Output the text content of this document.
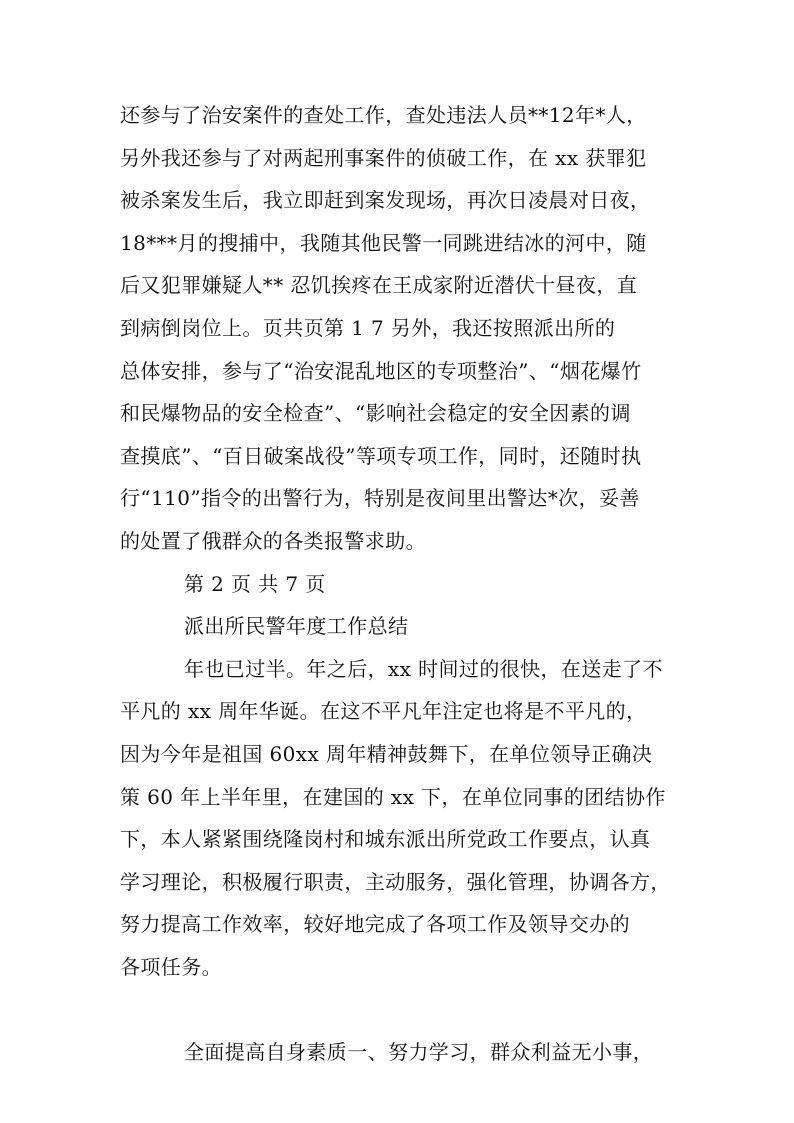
还参与了治安案件的查处工作，查处违法人员**12年*人，
另外我还参与了对两起刑事案件的侦破工作，在 xx 获罪犯
被杀案发生后，我立即赶到案发现场，再次日凌晨对日夜，
18***月的搜捕中，我随其他民警一同跳进结冰的河中，随
后又犯罪嫌疑人** 忍饥挨疼在王成家附近潜伏十昼夜，直
到病倒岗位上。页共页第 1 7 另外，我还按照派出所的
总体安排，参与了“治安混乱地区的专项整治”、“烟花爆竹
和民爆物品的安全检查”、“影响社会稳定的安全因素的调
查摸底”、“百日破案战役”等项专项工作，同时，还随时执
行“110”指令的出警行为，特别是夜间里出警达*次，妥善
的处置了俄群众的各类报警求助。
第 2 页 共 7 页
派出所民警年度工作总结
年也已过半。年之后，xx 时间过的很快，在送走了不
平凡的 xx 周年华诞。在这不平凡年注定也将是不平凡的，
因为今年是祖国 60xx 周年精神鼓舞下，在单位领导正确决
策 60 年上半年里，在建国的 xx 下，在单位同事的团结协作
下，本人紧紧围绕隆岗村和城东派出所党政工作要点，认真
学习理论，积极履行职责，主动服务，强化管理，协调各方，
努力提高工作效率，较好地完成了各项工作及领导交办的
各项任务。
全面提高自身素质一、努力学习，群众利益无小事，
